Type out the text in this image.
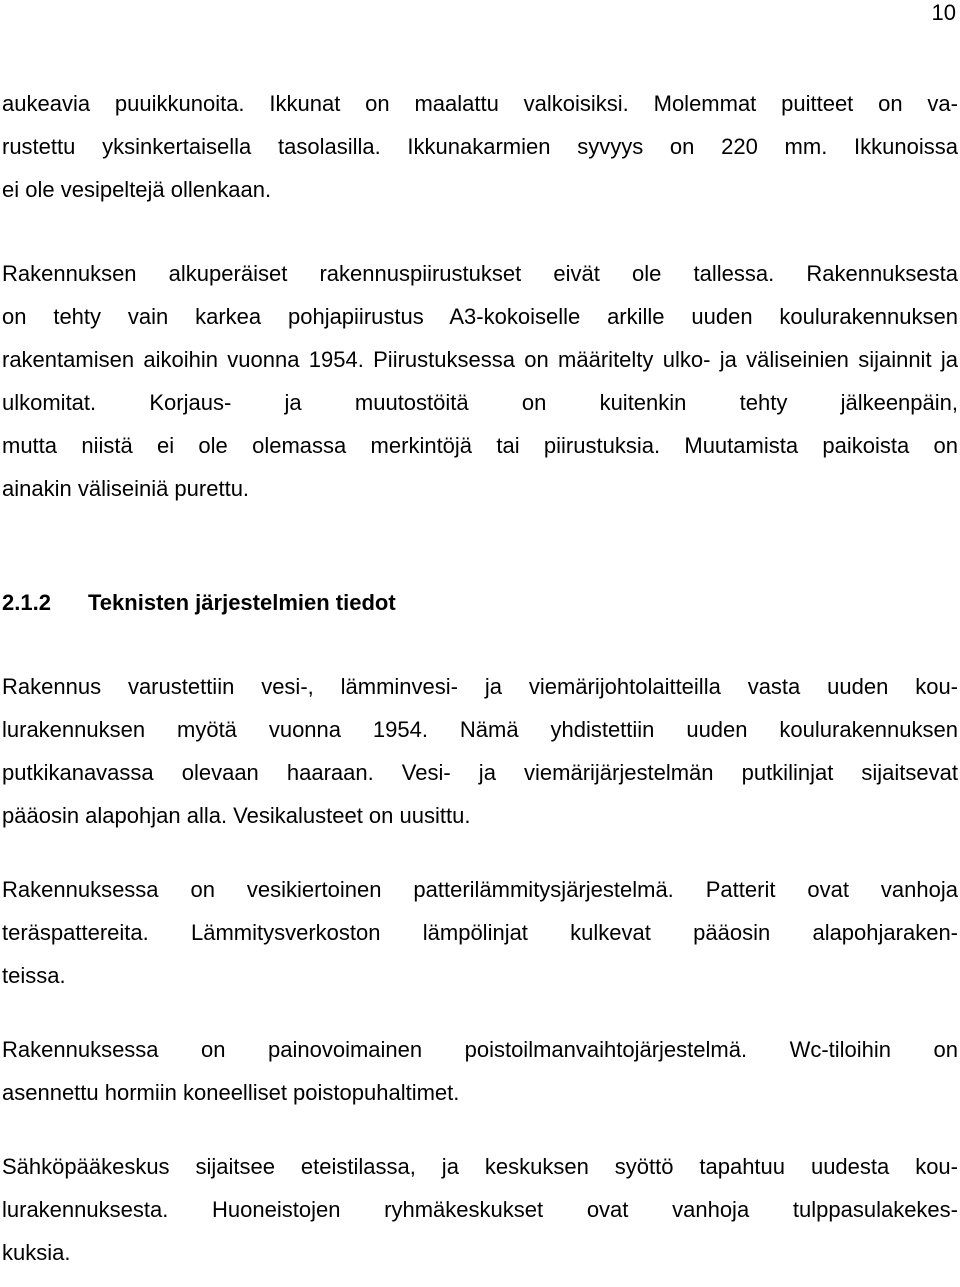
10
aukeavia puuikkunoita. Ikkunat on maalattu valkoisiksi. Molemmat puitteet on va-
rustettu yksinkertaisella tasolasilla. Ikkunakarmien syvyys on 220 mm. Ikkunoissa
ei ole vesipeltejä ollenkaan.
Rakennuksen alkuperäiset rakennuspiirustukset eivät ole tallessa. Rakennuksesta
on tehty vain karkea pohjapiirustus A3-kokoiselle arkille uuden koulurakennuksen
rakentamisen aikoihin vuonna 1954. Piirustuksessa on määritelty ulko- ja väliseinien sijainnit ja ulkomitat. Korjaus- ja muutostöitä on kuitenkin tehty jälkeenpäin,
mutta niistä ei ole olemassa merkintöjä tai piirustuksia. Muutamista paikoista on
ainakin väliseiniä purettu.
2.1.2 Teknisten järjestelmien tiedot
Rakennus varustettiin vesi-, lämminvesi- ja viemärijohtolaitteilla vasta uuden kou-
lurakennuksen myötä vuonna 1954. Nämä yhdistettiin uuden koulurakennuksen
putkikanavassa olevaan haaraan. Vesi- ja viemärijärjestelmän putkilinjat sijaitsevat
pääosin alapohjan alla. Vesikalusteet on uusittu.
Rakennuksessa on vesikiertoinen patterilämmitysjärjestelmä. Patterit ovat vanhoja
teräspattereita. Lämmitysverkoston lämpölinjat kulkevat pääosin alapohjaraken-
teissa.
Rakennuksessa on painovoimainen poistoilmanvaihtojärjestelmä. Wc-tiloihin on
asennettu hormiin koneelliset poistopuhaltimet.
Sähköpääkeskus sijaitsee eteistilassa, ja keskuksen syöttö tapahtuu uudesta kou-
lurakennuksesta. Huoneistojen ryhmäkeskukset ovat vanhoja tulppasulakekes-
kuksia.
